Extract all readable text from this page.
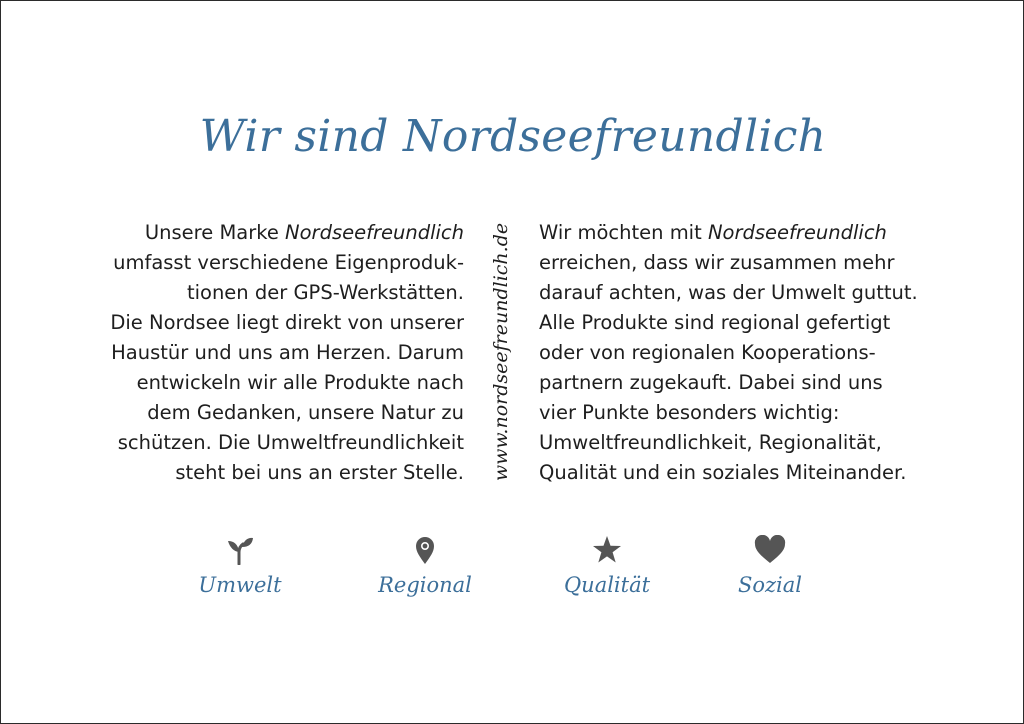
Wir sind Nordseefreundlich
Unsere Marke Nordseefreundlich
umfasst verschiedene Eigenproduk-
tionen der GPS-Werkstätten.
Die Nordsee liegt direkt von unserer
Haustür und uns am Herzen. Darum
entwickeln wir alle Produkte nach
dem Gedanken, unsere Natur zu
schützen. Die Umweltfreundlichkeit
steht bei uns an erster Stelle. www.nordseefreundlich.de Wir möchten mit Nordseefreundlich
erreichen, dass wir zusammen mehr
darauf achten, was der Umwelt guttut.
Alle Produkte sind regional gefertigt
oder von regionalen Kooperations-
partnern zugekauft. Dabei sind uns
vier Punkte besonders wichtig:
Umweltfreundlichkeit, Regionalität,
Qualität und ein soziales Miteinander.
Umwelt	Regional	Qualität	Sozial
